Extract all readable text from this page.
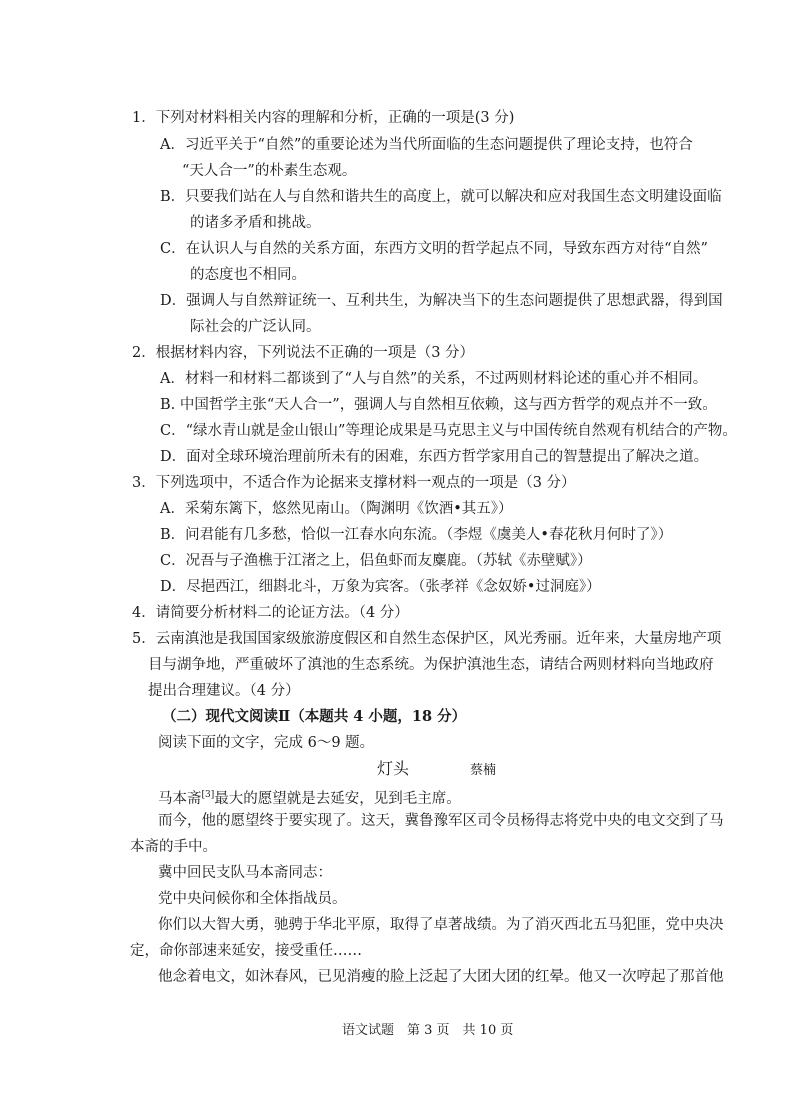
1．下列对材料相关内容的理解和分析，正确的一项是(3 分)
A．习近平关于“自然”的重要论述为当代所面临的生态问题提供了理论支持，也符合
“天人合一”的朴素生态观。
B．只要我们站在人与自然和谐共生的高度上，就可以解决和应对我国生态文明建设面临
的诸多矛盾和挑战。
C．在认识人与自然的关系方面，东西方文明的哲学起点不同，导致东西方对待“自然”
的态度也不相同。
D．强调人与自然辩证统一、互利共生，为解决当下的生态问题提供了思想武器，得到国
际社会的广泛认同。
2．根据材料内容，下列说法不正确的一项是（3 分）
A．材料一和材料二都谈到了“人与自然”的关系，不过两则材料论述的重心并不相同。
B. 中国哲学主张“天人合一”，强调人与自然相互依赖，这与西方哲学的观点并不一致。
C．“绿水青山就是金山银山”等理论成果是马克思主义与中国传统自然观有机结合的产物。
D．面对全球环境治理前所未有的困难，东西方哲学家用自己的智慧提出了解决之道。
3．下列选项中，不适合作为论据来支撑材料一观点的一项是（3 分）
A．采菊东篱下，悠然见南山。（陶渊明《饮酒•其五》）
B．问君能有几多愁，恰似一江春水向东流。（李煜《虞美人•春花秋月何时了》）
C．况吾与子渔樵于江渚之上，侣鱼虾而友麋鹿。（苏轼《赤壁赋》）
D．尽挹西江，细斟北斗，万象为宾客。（张孝祥《念奴娇•过洞庭》）
4．请简要分析材料二的论证方法。（4 分）
5．云南滇池是我国国家级旅游度假区和自然生态保护区，风光秀丽。近年来，大量房地产项
目与湖争地，严重破坏了滇池的生态系统。为保护滇池生态，请结合两则材料向当地政府
提出合理建议。（4 分）
（二）现代文阅读Ⅱ（本题共 4 小题，18 分）
阅读下面的文字，完成 6～9 题。
灯头	蔡楠
马本斋[3]最大的愿望就是去延安，见到毛主席。
而今，他的愿望终于要实现了。这天，冀鲁豫军区司令员杨得志将党中央的电文交到了马
本斋的手中。
冀中回民支队马本斋同志：
党中央问候你和全体指战员。
你们以大智大勇，驰骋于华北平原，取得了卓著战绩。为了消灭西北五马犯匪，党中央决
定，命你部速来延安，接受重任……
他念着电文，如沐春风，已见消瘦的脸上泛起了大团大团的红晕。他又一次哼起了那首他
语文试题　第 3 页　共 10 页
